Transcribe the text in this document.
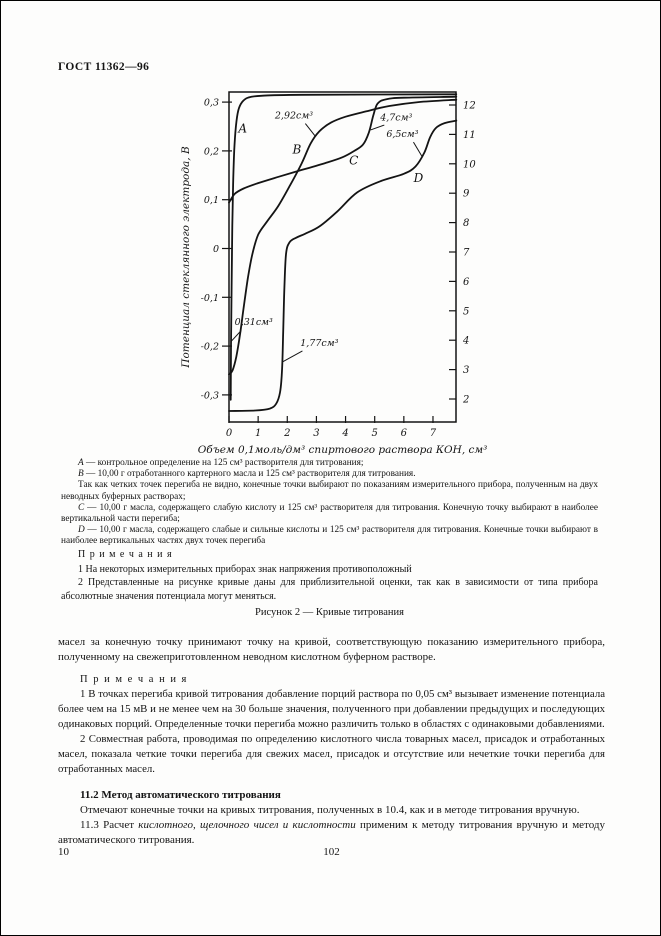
ГОСТ 11362—96
0,3
0,2
0,1
0
-0,1
-0,2
-0,3
12
11
10
9
8
7
6
5
4
3
2
0 1 2 3 4 5 6 7
Потенциал стеклянного электрода, В
Объем 0,1моль/дм³ спиртового раствора КОН, см³
A
B
C
D
2,92см³	4,7см³
6,5см³
0,31см³
1,77см³

А — контрольное определение на 125 см³ растворителя для титрования;

В — 10,00 г отработанного картерного масла и 125 см³ растворителя для титрования.

Так как четких точек перегиба не видно, конечные точки выбирают по показаниям измерительного прибора, полученным на двух неводных буферных растворах;

С — 10,00 г масла, содержащего слабую кислоту и 125 см³ растворителя для титрования. Конечную точку выбирают в наиболее вертикальной части перегиба;

D — 10,00 г масла, содержащего слабые и сильные кислоты и 125 см³ растворителя для титрования. Конечные точки выбирают в наиболее вертикальных частях двух точек перегиба

П р и м е ч а н и я

1 На некоторых измерительных приборах знак напряжения противоположный

2 Представленные на рисунке кривые даны для приблизительной оценки, так как в зависимости от типа прибора абсолютные значения потенциала могут меняться.

Рисунок 2 — Кривые титрования

масел за конечную точку принимают точку на кривой, соответствующую показанию измерительного прибора, полученному на свежеприготовленном неводном кислотном буферном растворе.

П р и м е ч а н и я

1 В точках перегиба кривой титрования добавление порций раствора по 0,05 см³ вызывает изменение потенциала более чем на 15 мВ и не менее чем на 30 больше значения, полученного при добавлении предыдущих и последующих одинаковых порций. Определенные точки перегиба можно различить только в областях с одинаковыми добавлениями.

2 Совместная работа, проводимая по определению кислотного числа товарных масел, присадок и отработанных масел, показала четкие точки перегиба для свежих масел, присадок и отсутствие или нечеткие точки перегиба для отработанных масел.

11.2 Метод автоматического титрования

Отмечают конечные точки на кривых титрования, полученных в 10.4, как и в методе титрования вручную.

11.3 Расчет кислотного, щелочного чисел и кислотности применим к методу титрования вручную и методу автоматического титрования.

10	102
